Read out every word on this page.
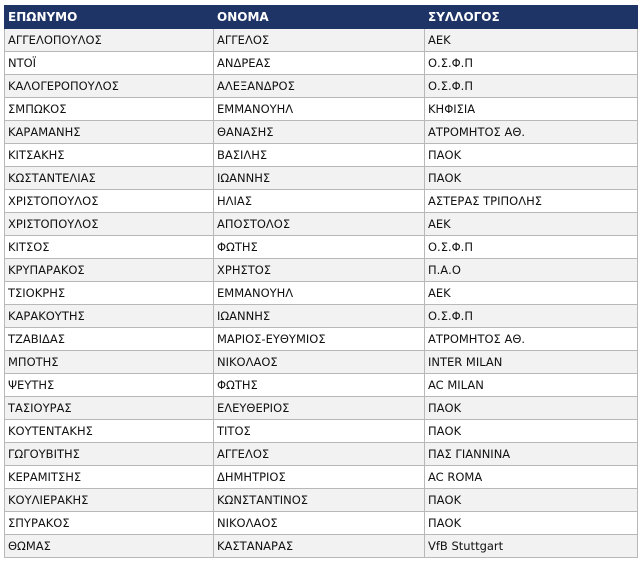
ΕΠΩΝΥΜΟ	ΟΝΟΜΑ	ΣΥΛΛΟΓΟΣ
ΑΓΓΕΛΟΠΟΥΛΟΣ	ΑΓΓΕΛΟΣ	ΑΕΚ
ΝΤΟΪ	ΑΝΔΡΕΑΣ	Ο.Σ.Φ.Π
ΚΑΛΟΓΕΡΟΠΟΥΛΟΣ	ΑΛΕΞΑΝΔΡΟΣ	Ο.Σ.Φ.Π
ΣΜΠΩΚΟΣ	ΕΜΜΑΝΟΥΗΛ	ΚΗΦΙΣΙΑ
ΚΑΡΑΜΑΝΗΣ	ΘΑΝΑΣΗΣ	ΑΤΡΟΜΗΤΟΣ ΑΘ.
ΚΙΤΣΑΚΗΣ	ΒΑΣΙΛΗΣ	ΠΑΟΚ
ΚΩΣΤΑΝΤΕΛΙΑΣ	ΙΩΑΝΝΗΣ	ΠΑΟΚ
ΧΡΙΣΤΟΠΟΥΛΟΣ	ΗΛΙΑΣ	ΑΣΤΕΡΑΣ ΤΡΙΠΟΛΗΣ
ΧΡΙΣΤΟΠΟΥΛΟΣ	ΑΠΟΣΤΟΛΟΣ	ΑΕΚ
ΚΙΤΣΟΣ	ΦΩΤΗΣ	Ο.Σ.Φ.Π
ΚΡΥΠΑΡΑΚΟΣ	ΧΡΗΣΤΟΣ	Π.Α.Ο
ΤΣΙΟΚΡΗΣ	ΕΜΜΑΝΟΥΗΛ	ΑΕΚ
ΚΑΡΑΚΟΥΤΗΣ	ΙΩΑΝΝΗΣ	Ο.Σ.Φ.Π
ΤΖΑΒΙΔΑΣ	ΜΑΡΙΟΣ-ΕΥΘΥΜΙΟΣ	ΑΤΡΟΜΗΤΟΣ ΑΘ.
ΜΠΟΤΗΣ	ΝΙΚΟΛΑΟΣ	INTER MILAN
ΨΕΥΤΗΣ	ΦΩΤΗΣ	AC MILAN
ΤΑΣΙΟΥΡΑΣ	ΕΛΕΥΘΕΡΙΟΣ	ΠΑΟΚ
ΚΟΥΤΕΝΤΑΚΗΣ	ΤΙΤΟΣ	ΠΑΟΚ
ΓΩΓΟΥΒΙΤΗΣ	ΑΓΓΕΛΟΣ	ΠΑΣ ΓΙΑΝΝΙΝΑ
ΚΕΡΑΜΙΤΣΗΣ	ΔΗΜΗΤΡΙΟΣ	AC ROMA
ΚΟΥΛΙΕΡΑΚΗΣ	ΚΩΝΣΤΑΝΤΙΝΟΣ	ΠΑΟΚ
ΣΠΥΡΑΚΟΣ	ΝΙΚΟΛΑΟΣ	ΠΑΟΚ
ΘΩΜΑΣ	ΚΑΣΤΑΝΑΡΑΣ	VfB Stuttgart
